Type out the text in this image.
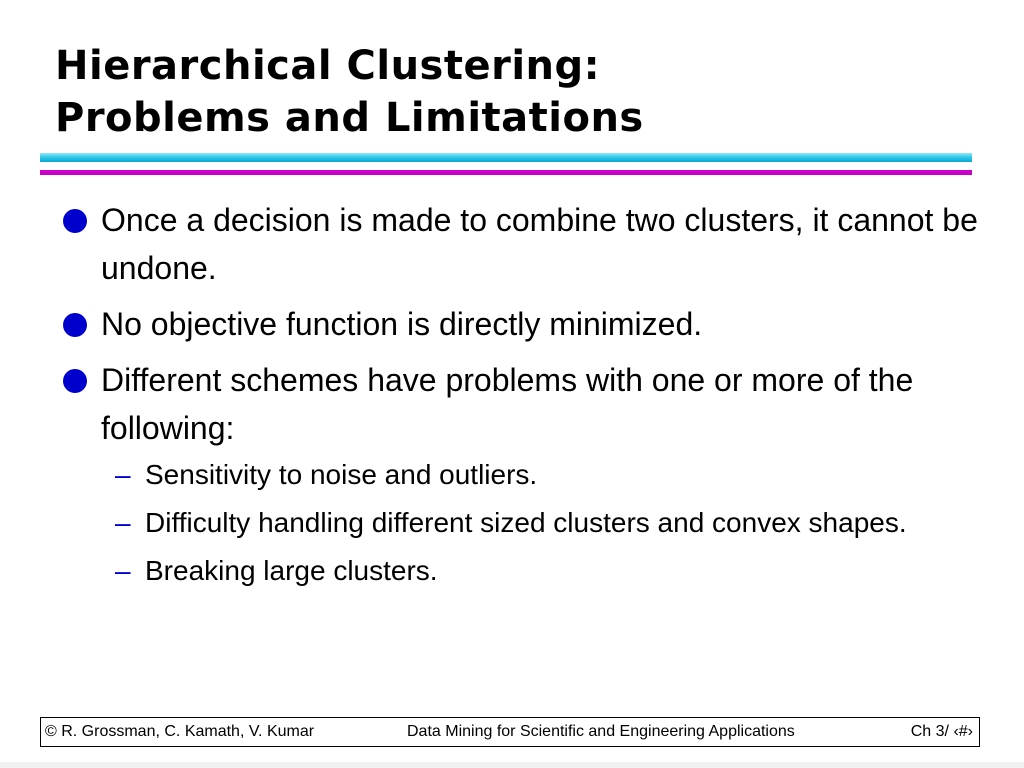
Hierarchical Clustering:
Problems and Limitations
Once a decision is made to combine two clusters, it cannot be undone.
No objective function is directly minimized.
Different schemes have problems with one or more of the following:
– Sensitivity to noise and outliers.
– Difficulty handling different sized clusters and convex shapes.
– Breaking large clusters.
© R. Grossman, C. Kamath, V. Kumar	Data Mining for Scientific and Engineering Applications	Ch 3/ ‹#›
